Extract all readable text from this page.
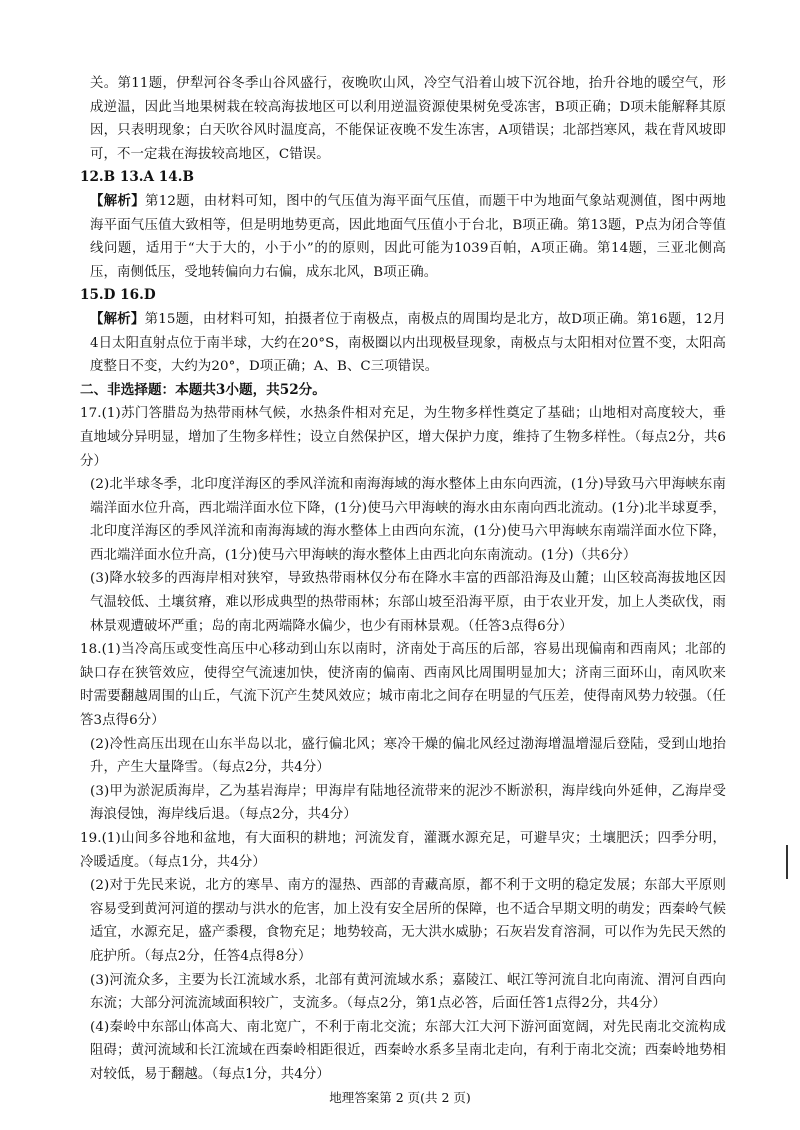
关。第11题，伊犁河谷冬季山谷风盛行，夜晚吹山风，冷空气沿着山坡下沉谷地，抬升谷地的暖空气，形成逆温，因此当地果树栽在较高海拔地区可以利用逆温资源使果树免受冻害，B项正确；D项未能解释其原因，只表明现象；白天吹谷风时温度高，不能保证夜晚不发生冻害，A项错误；北部挡寒风，栽在背风坡即可，不一定栽在海拔较高地区，C错误。

12.B 13.A 14.B

【解析】第12题，由材料可知，图中的气压值为海平面气压值，而题干中为地面气象站观测值，图中两地海平面气压值大致相等，但是明地势更高，因此地面气压值小于台北，B项正确。第13题，P点为闭合等值线问题，适用于“大于大的，小于小”的的原则，因此可能为1039百帕，A项正确。第14题，三亚北侧高压，南侧低压，受地转偏向力右偏，成东北风，B项正确。

15.D 16.D

【解析】第15题，由材料可知，拍摄者位于南极点，南极点的周围均是北方，故D项正确。第16题，12月4日太阳直射点位于南半球，大约在20°S，南极圈以内出现极昼现象，南极点与太阳相对位置不变，太阳高度整日不变，大约为20°，D项正确；A、B、C三项错误。

二、非选择题：本题共3小题，共52分。

17.(1)苏门答腊岛为热带雨林气候，水热条件相对充足，为生物多样性奠定了基础；山地相对高度较大，垂直地域分异明显，增加了生物多样性；设立自然保护区，增大保护力度，维持了生物多样性。（每点2分，共6分）

(2)北半球冬季，北印度洋海区的季风洋流和南海海域的海水整体上由东向西流，(1分)导致马六甲海峡东南端洋面水位升高，西北端洋面水位下降，(1分)使马六甲海峡的海水由东南向西北流动。(1分)北半球夏季，北印度洋海区的季风洋流和南海海域的海水整体上由西向东流，(1分)使马六甲海峡东南端洋面水位下降，西北端洋面水位升高，(1分)使马六甲海峡的海水整体上由西北向东南流动。(1分)（共6分）

(3)降水较多的西海岸相对狭窄，导致热带雨林仅分布在降水丰富的西部沿海及山麓；山区较高海拔地区因气温较低、土壤贫瘠，难以形成典型的热带雨林；东部山坡至沿海平原，由于农业开发，加上人类砍伐，雨林景观遭破坏严重；岛的南北两端降水偏少，也少有雨林景观。（任答3点得6分）

18.(1)当冷高压或变性高压中心移动到山东以南时，济南处于高压的后部，容易出现偏南和西南风；北部的缺口存在狭管效应，使得空气流速加快，使济南的偏南、西南风比周围明显加大；济南三面环山，南风吹来时需要翻越周围的山丘，气流下沉产生焚风效应；城市南北之间存在明显的气压差，使得南风势力较强。（任答3点得6分）

(2)冷性高压出现在山东半岛以北，盛行偏北风；寒冷干燥的偏北风经过渤海增温增湿后登陆，受到山地抬升，产生大量降雪。（每点2分，共4分）

(3)甲为淤泥质海岸，乙为基岩海岸；甲海岸有陆地径流带来的泥沙不断淤积，海岸线向外延伸，乙海岸受海浪侵蚀，海岸线后退。（每点2分，共4分）

19.(1)山间多谷地和盆地，有大面积的耕地；河流发育，灌溉水源充足，可避旱灾；土壤肥沃；四季分明，冷暖适度。（每点1分，共4分）

(2)对于先民来说，北方的寒旱、南方的湿热、西部的青藏高原，都不利于文明的稳定发展；东部大平原则容易受到黄河河道的摆动与洪水的危害，加上没有安全居所的保障，也不适合早期文明的萌发；西秦岭气候适宜，水源充足，盛产黍稷，食物充足；地势较高，无大洪水威胁；石灰岩发育溶洞，可以作为先民天然的庇护所。（每点2分，任答4点得8分）

(3)河流众多，主要为长江流域水系，北部有黄河流域水系；嘉陵江、岷江等河流自北向南流、渭河自西向东流；大部分河流流域面积较广，支流多。（每点2分，第1点必答，后面任答1点得2分，共4分）

(4)秦岭中东部山体高大、南北宽广，不利于南北交流；东部大江大河下游河面宽阔，对先民南北交流构成阻碍；黄河流域和长江流域在西秦岭相距很近，西秦岭水系多呈南北走向，有利于南北交流；西秦岭地势相对较低，易于翻越。（每点1分，共4分）

地理答案第 2 页(共 2 页)
